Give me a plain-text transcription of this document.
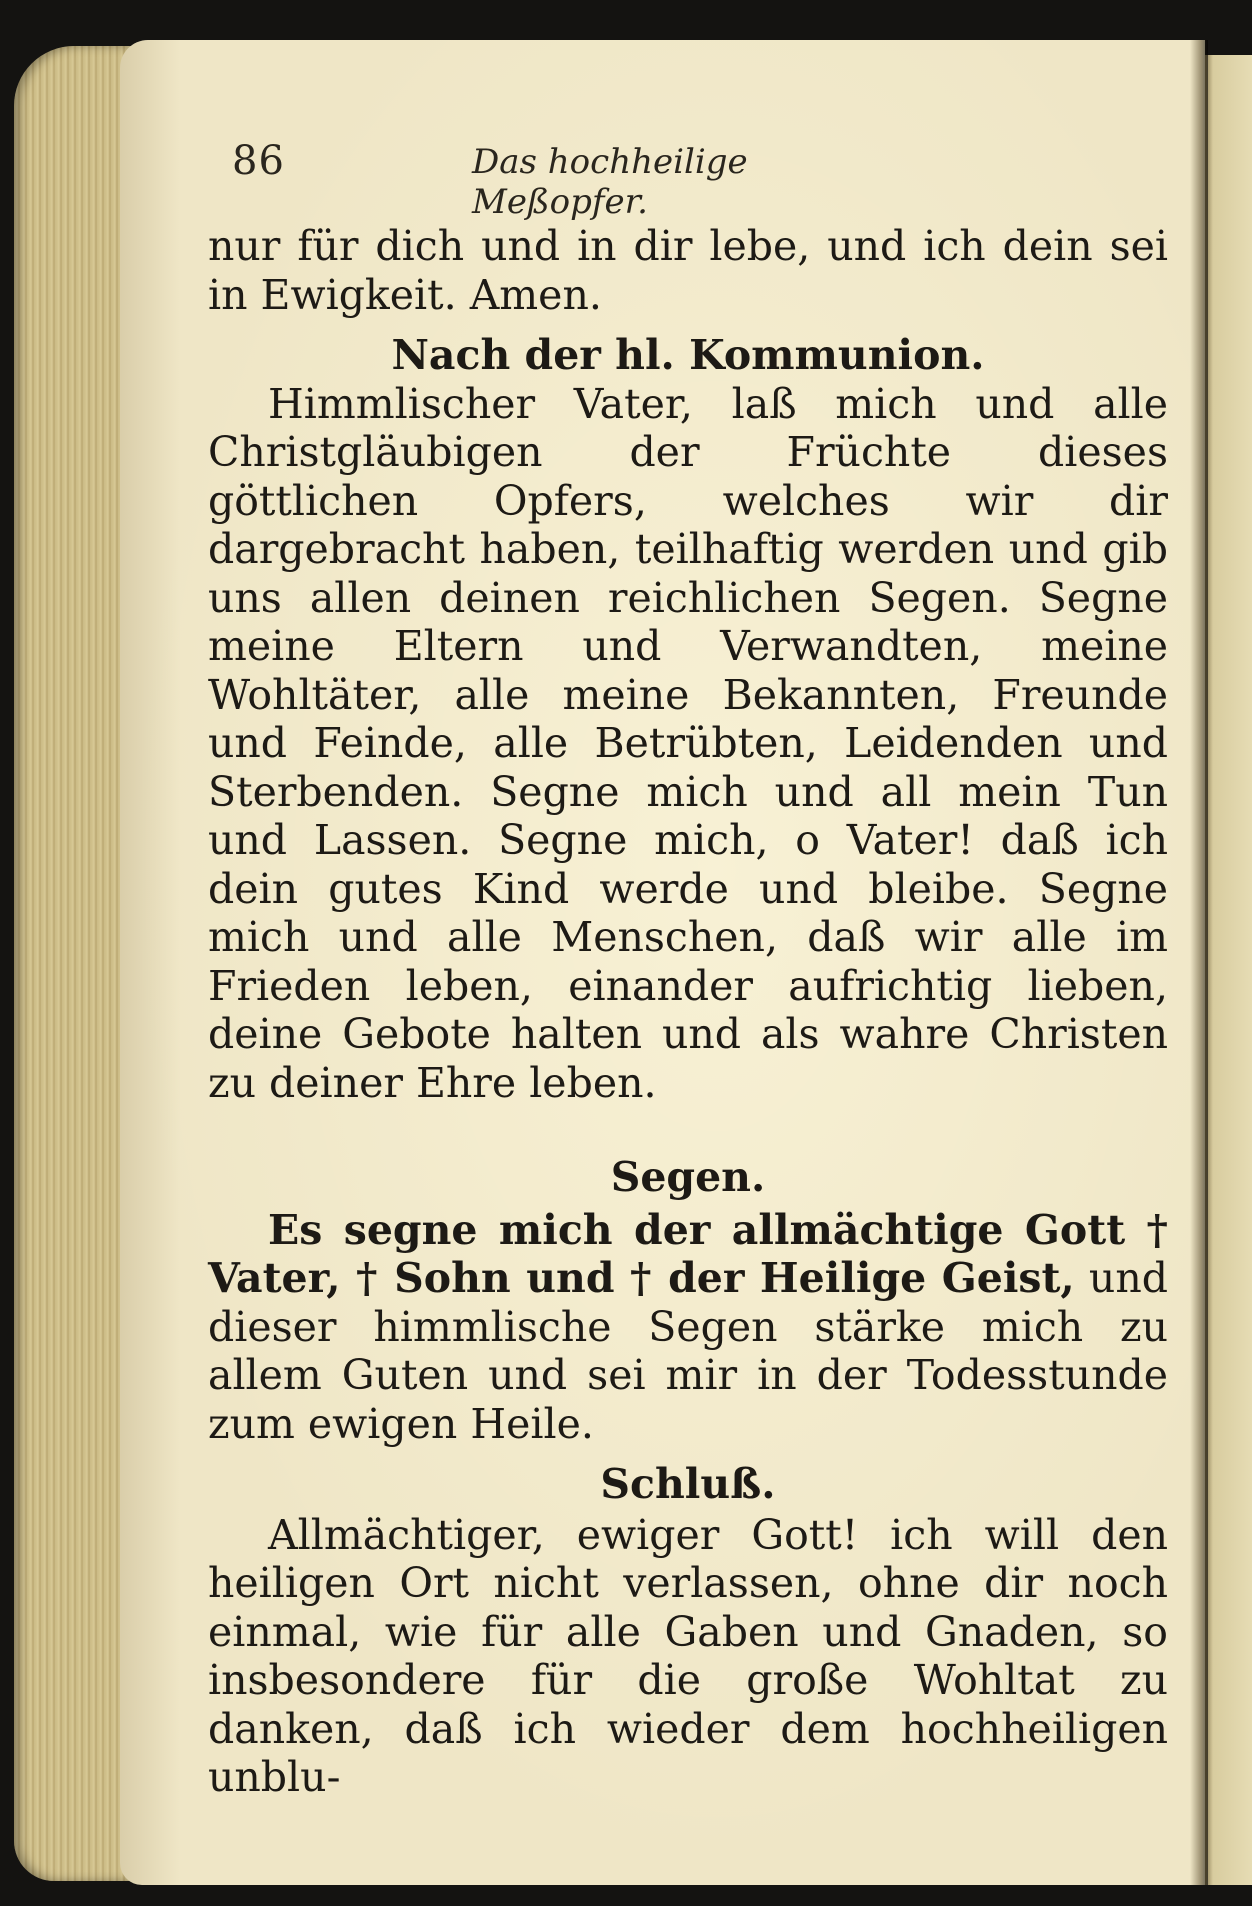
86	Das hochheilige Meßopfer.

nur für dich und in dir lebe, und ich dein sei in Ewigkeit. Amen.

Nach der hl. Kommunion.

Himmlischer Vater, laß mich und alle Christgläubigen der Früchte dieses göttlichen Opfers, welches wir dir dargebracht haben, teilhaftig werden und gib uns allen deinen reichlichen Segen. Segne meine Eltern und Verwandten, meine Wohltäter, alle meine Bekannten, Freunde und Feinde, alle Betrübten, Leidenden und Sterbenden. Segne mich und all mein Tun und Lassen. Segne mich, o Vater! daß ich dein gutes Kind werde und bleibe. Segne mich und alle Menschen, daß wir alle im Frieden leben, einander aufrichtig lieben, deine Gebote halten und als wahre Christen zu deiner Ehre leben.

Segen.

Es segne mich der allmächtige Gott † Vater, † Sohn und † der Heilige Geist, und dieser himmlische Segen stärke mich zu allem Guten und sei mir in der Todesstunde zum ewigen Heile.

Schluß.

Allmächtiger, ewiger Gott! ich will den heiligen Ort nicht verlassen, ohne dir noch einmal, wie für alle Gaben und Gnaden, so insbesondere für die große Wohltat zu danken, daß ich wieder dem hochheiligen unblu-
